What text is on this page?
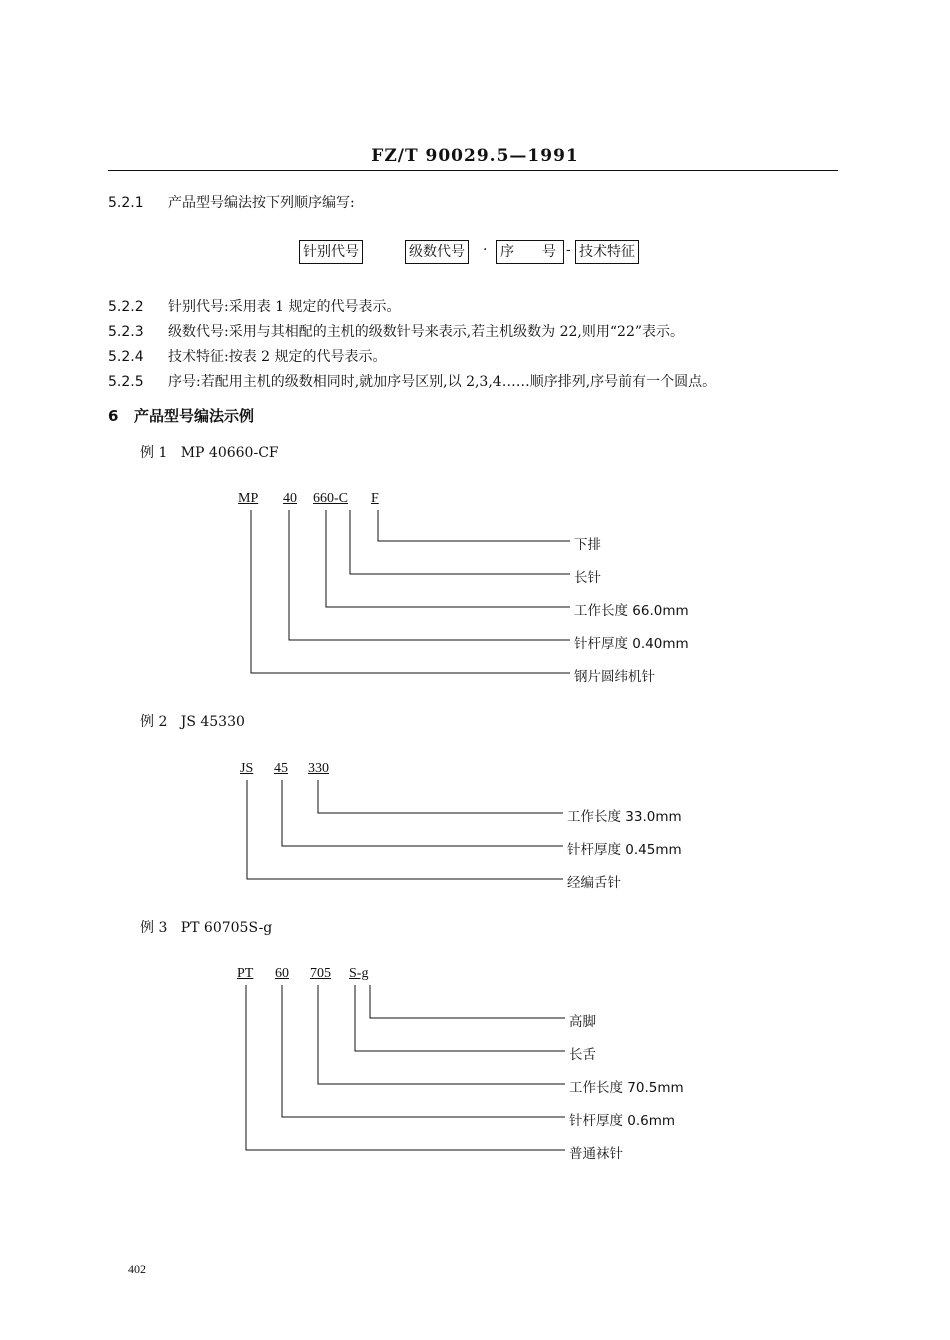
FZ/T 90029.5—1991
5.2.1 产品型号编法按下列顺序编写:
针别代号	级数代号 · 序　　号 - 技术特征
5.2.2 针别代号:采用表 1 规定的代号表示。
5.2.3 级数代号:采用与其相配的主机的级数针号来表示,若主机级数为 22,则用“22”表示。
5.2.4 技术特征:按表 2 规定的代号表示。
5.2.5 序号:若配用主机的级数相同时,就加序号区别,以 2,3,4……顺序排列,序号前有一个圆点。
6 产品型号编法示例
例 1 MP 40660-CF
MP 40 660-C F
下排
长针
工作长度 66.0mm
针杆厚度 0.40mm
钢片圆纬机针
例 2 JS 45330
JS 45 330
工作长度 33.0mm
针杆厚度 0.45mm
经编舌针
例 3 PT 60705S-g
PT 60 705 S-g
高脚
长舌
工作长度 70.5mm
针杆厚度 0.6mm
普通袜针
402
